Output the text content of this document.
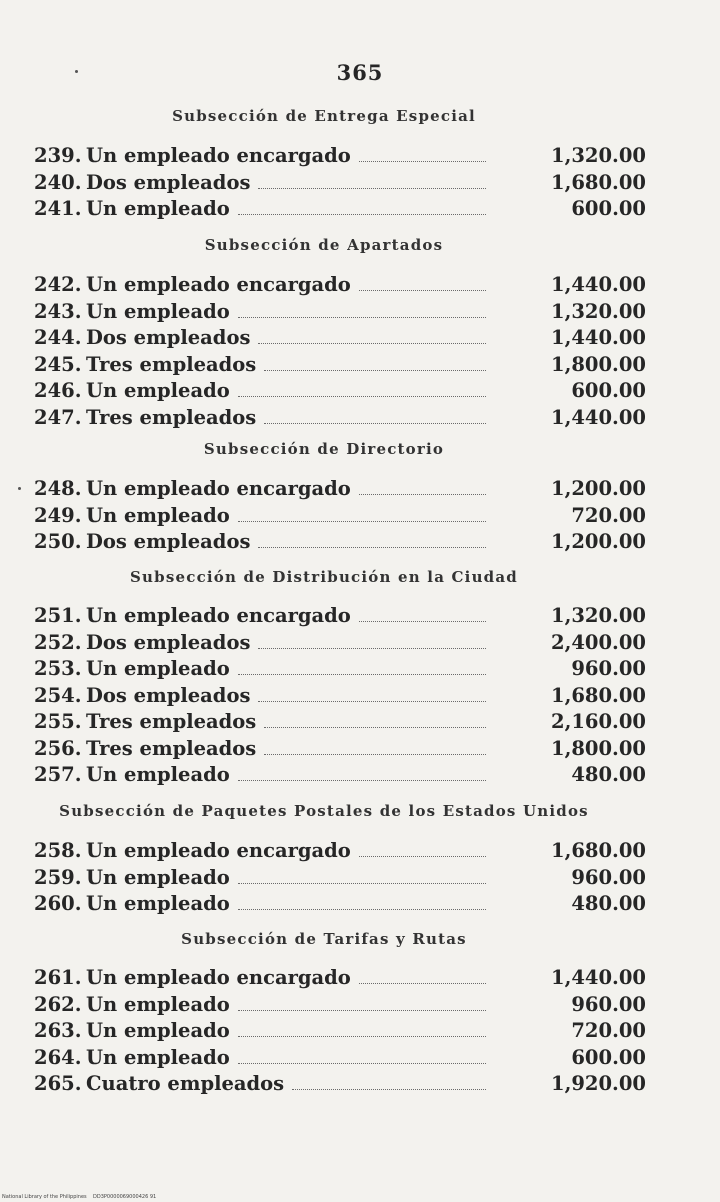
365
Subsección de Entrega Especial
239. Un empleado encargado	1,320.00
240. Dos empleados	1,680.00
241. Un empleado	600.00
Subsección de Apartados
242. Un empleado encargado	1,440.00
243. Un empleado	1,320.00
244. Dos empleados	1,440.00
245. Tres empleados	1,800.00
246. Un empleado	600.00
247. Tres empleados	1,440.00
Subsección de Directorio
248. Un empleado encargado	1,200.00
249. Un empleado	720.00
250. Dos empleados	1,200.00
Subsección de Distribución en la Ciudad
251. Un empleado encargado	1,320.00
252. Dos empleados	2,400.00
253. Un empleado	960.00
254. Dos empleados	1,680.00
255. Tres empleados	2,160.00
256. Tres empleados	1,800.00
257. Un empleado	480.00
Subsección de Paquetes Postales de los Estados Unidos
258. Un empleado encargado	1,680.00
259. Un empleado	960.00
260. Un empleado	480.00
Subsección de Tarifas y Rutas
261. Un empleado encargado	1,440.00
262. Un empleado	960.00
263. Un empleado	720.00
264. Un empleado	600.00
265. Cuatro empleados	1,920.00
National Library of the Philippines DD3P0000069000426 91
